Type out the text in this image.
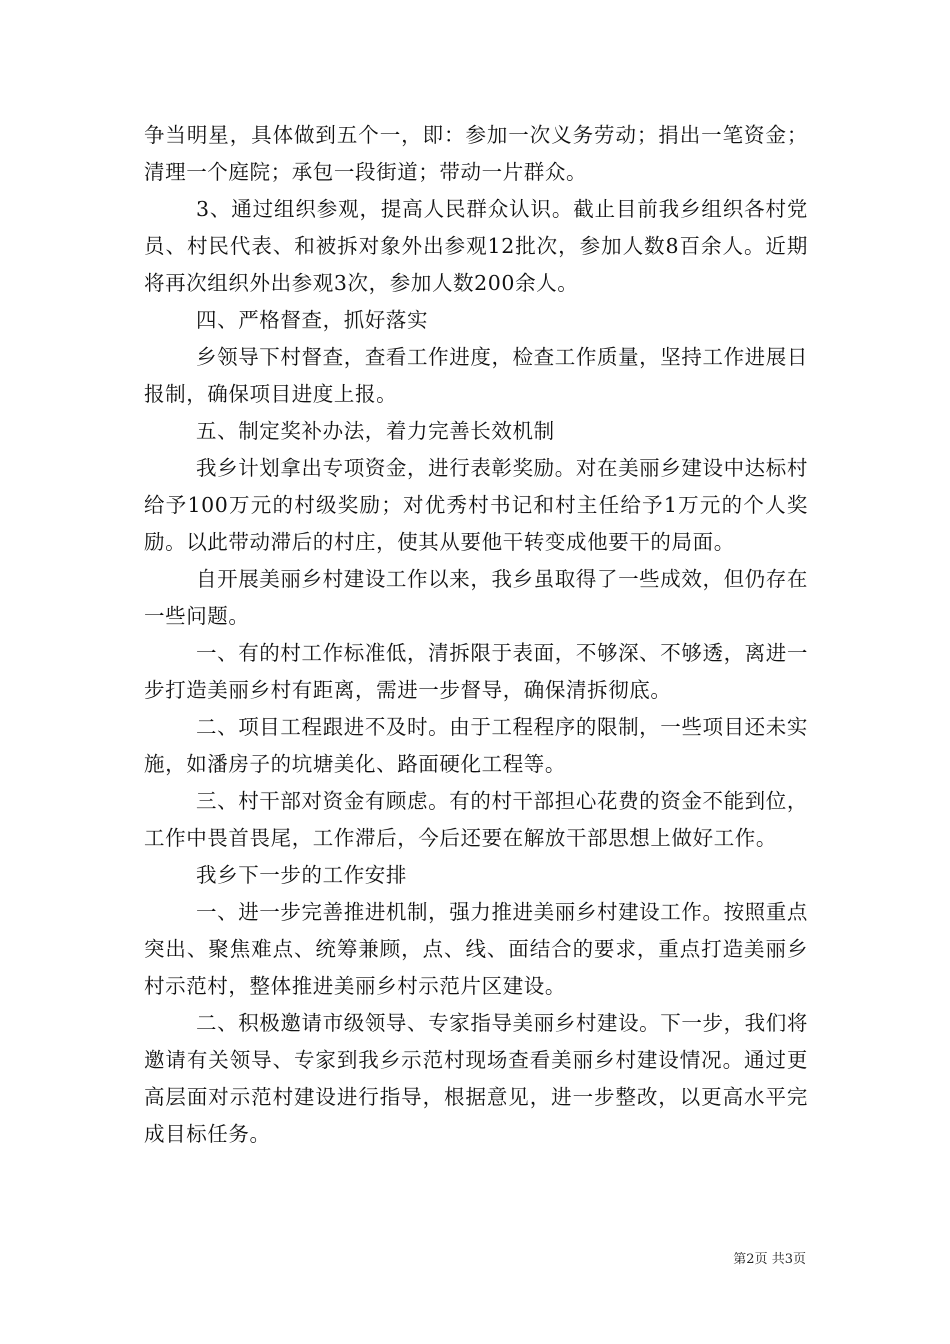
争当明星，具体做到五个一，即：参加一次义务劳动；捐出一笔资金；清理一个庭院；承包一段街道；带动一片群众。

3、通过组织参观，提高人民群众认识。截止目前我乡组织各村党员、村民代表、和被拆对象外出参观12批次，参加人数8百余人。近期将再次组织外出参观3次，参加人数200余人。

四、严格督查，抓好落实

乡领导下村督查，查看工作进度，检查工作质量，坚持工作进展日报制，确保项目进度上报。

五、制定奖补办法，着力完善长效机制

我乡计划拿出专项资金，进行表彰奖励。对在美丽乡建设中达标村给予100万元的村级奖励；对优秀村书记和村主任给予1万元的个人奖励。以此带动滞后的村庄，使其从要他干转变成他要干的局面。

自开展美丽乡村建设工作以来，我乡虽取得了一些成效，但仍存在一些问题。

一、有的村工作标准低，清拆限于表面，不够深、不够透，离进一步打造美丽乡村有距离，需进一步督导，确保清拆彻底。

二、项目工程跟进不及时。由于工程程序的限制，一些项目还未实施，如潘房子的坑塘美化、路面硬化工程等。

三、村干部对资金有顾虑。有的村干部担心花费的资金不能到位，工作中畏首畏尾，工作滞后，今后还要在解放干部思想上做好工作。

我乡下一步的工作安排

一、进一步完善推进机制，强力推进美丽乡村建设工作。按照重点突出、聚焦难点、统筹兼顾，点、线、面结合的要求，重点打造美丽乡村示范村，整体推进美丽乡村示范片区建设。

二、积极邀请市级领导、专家指导美丽乡村建设。下一步，我们将邀请有关领导、专家到我乡示范村现场查看美丽乡村建设情况。通过更高层面对示范村建设进行指导，根据意见，进一步整改，以更高水平完成目标任务。

第2页 共3页
